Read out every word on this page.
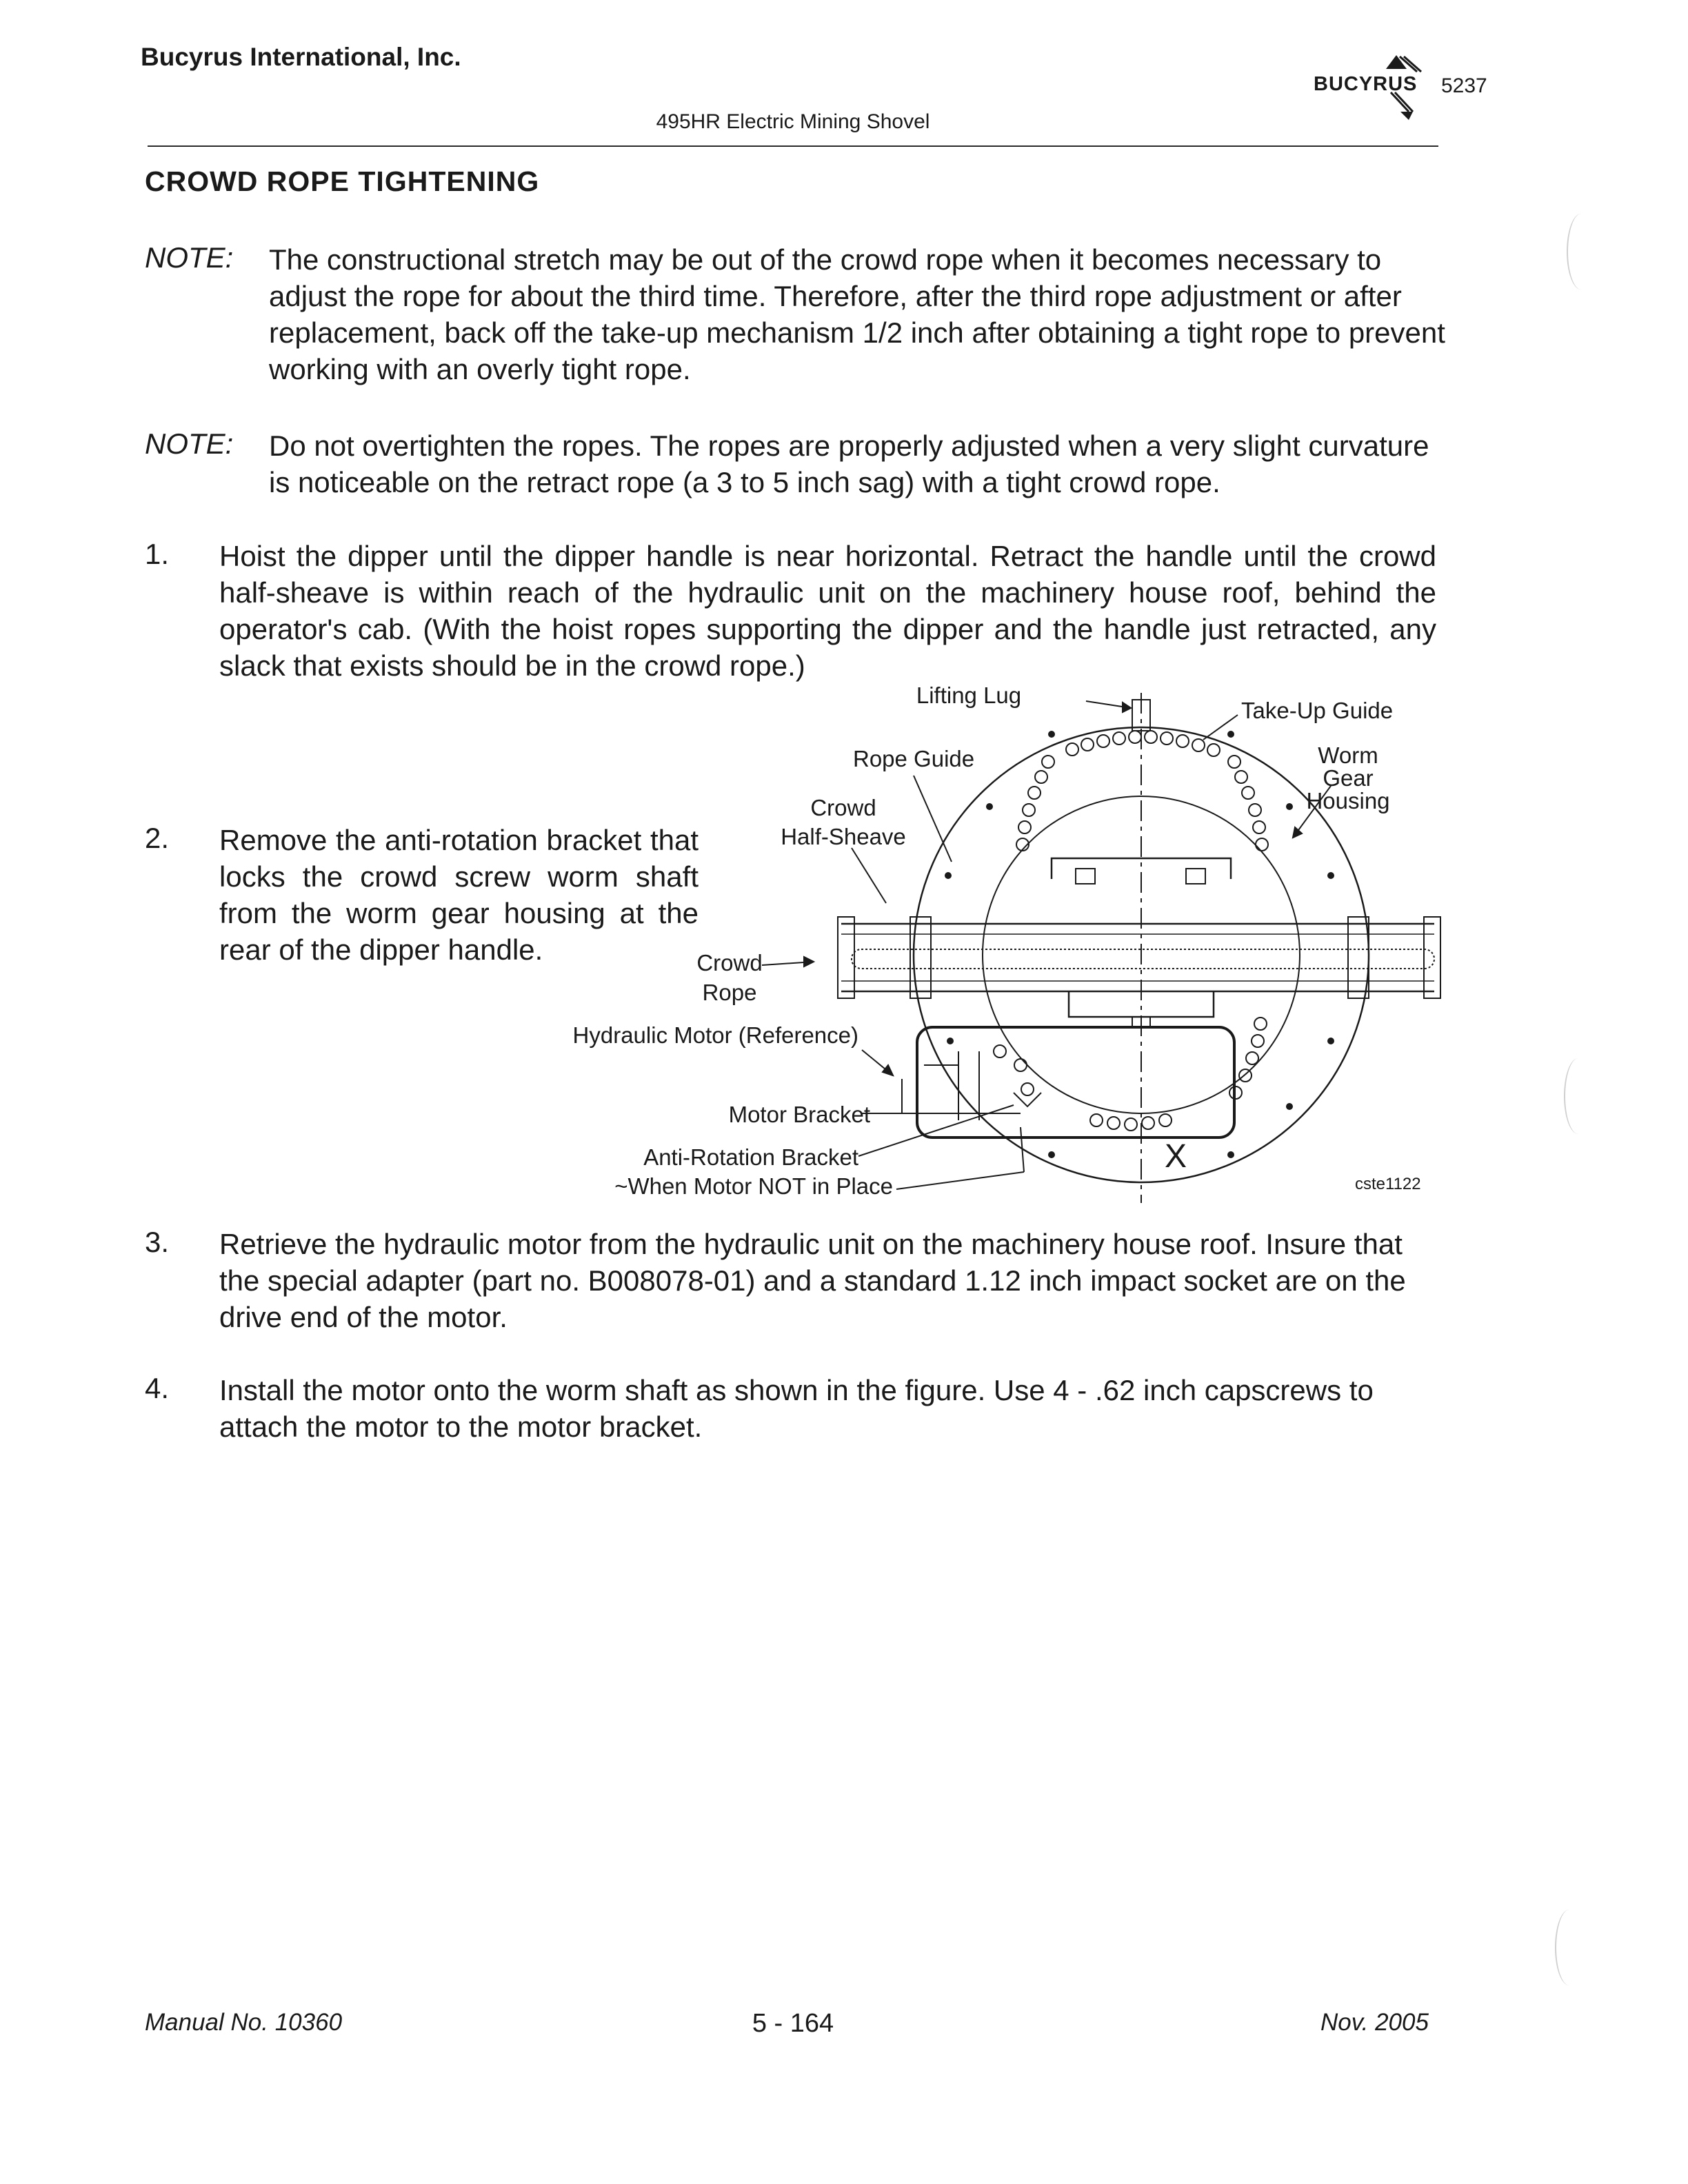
Bucyrus International, Inc.
BUCYRUS 5237
495HR Electric Mining Shovel
CROWD ROPE TIGHTENING
NOTE: The constructional stretch may be out of the crowd rope when it becomes necessary to adjust the rope for about the third time. Therefore, after the third rope adjustment or after replacement, back off the take-up mechanism 1/2 inch after obtaining a tight rope to prevent working with an overly tight rope.
NOTE: Do not overtighten the ropes. The ropes are properly adjusted when a very slight curvature is noticeable on the retract rope (a 3 to 5 inch sag) with a tight crowd rope.
1. Hoist the dipper until the dipper handle is near horizontal. Retract the handle until the crowd half-sheave is within reach of the hydraulic unit on the machinery house roof, behind the operator's cab. (With the hoist ropes supporting the dipper and the handle just retracted, any slack that exists should be in the crowd rope.)
2. Remove the anti-rotation bracket that locks the crowd screw worm shaft from the worm gear housing at the rear of the dipper handle.
Lifting Lug
Take-Up Guide
Rope Guide	Worm
Gear
Housing
Crowd
Half-Sheave
Crowd
Rope
Hydraulic Motor (Reference)
Motor Bracket
Anti-Rotation Bracket
~When Motor NOT in Place
X
cste1122
3. Retrieve the hydraulic motor from the hydraulic unit on the machinery house roof. Insure that the special adapter (part no. B008078-01) and a standard 1.12 inch impact socket are on the drive end of the motor.
4. Install the motor onto the worm shaft as shown in the figure. Use 4 - .62 inch capscrews to attach the motor to the motor bracket.
Manual No. 10360	5 - 164	Nov. 2005
